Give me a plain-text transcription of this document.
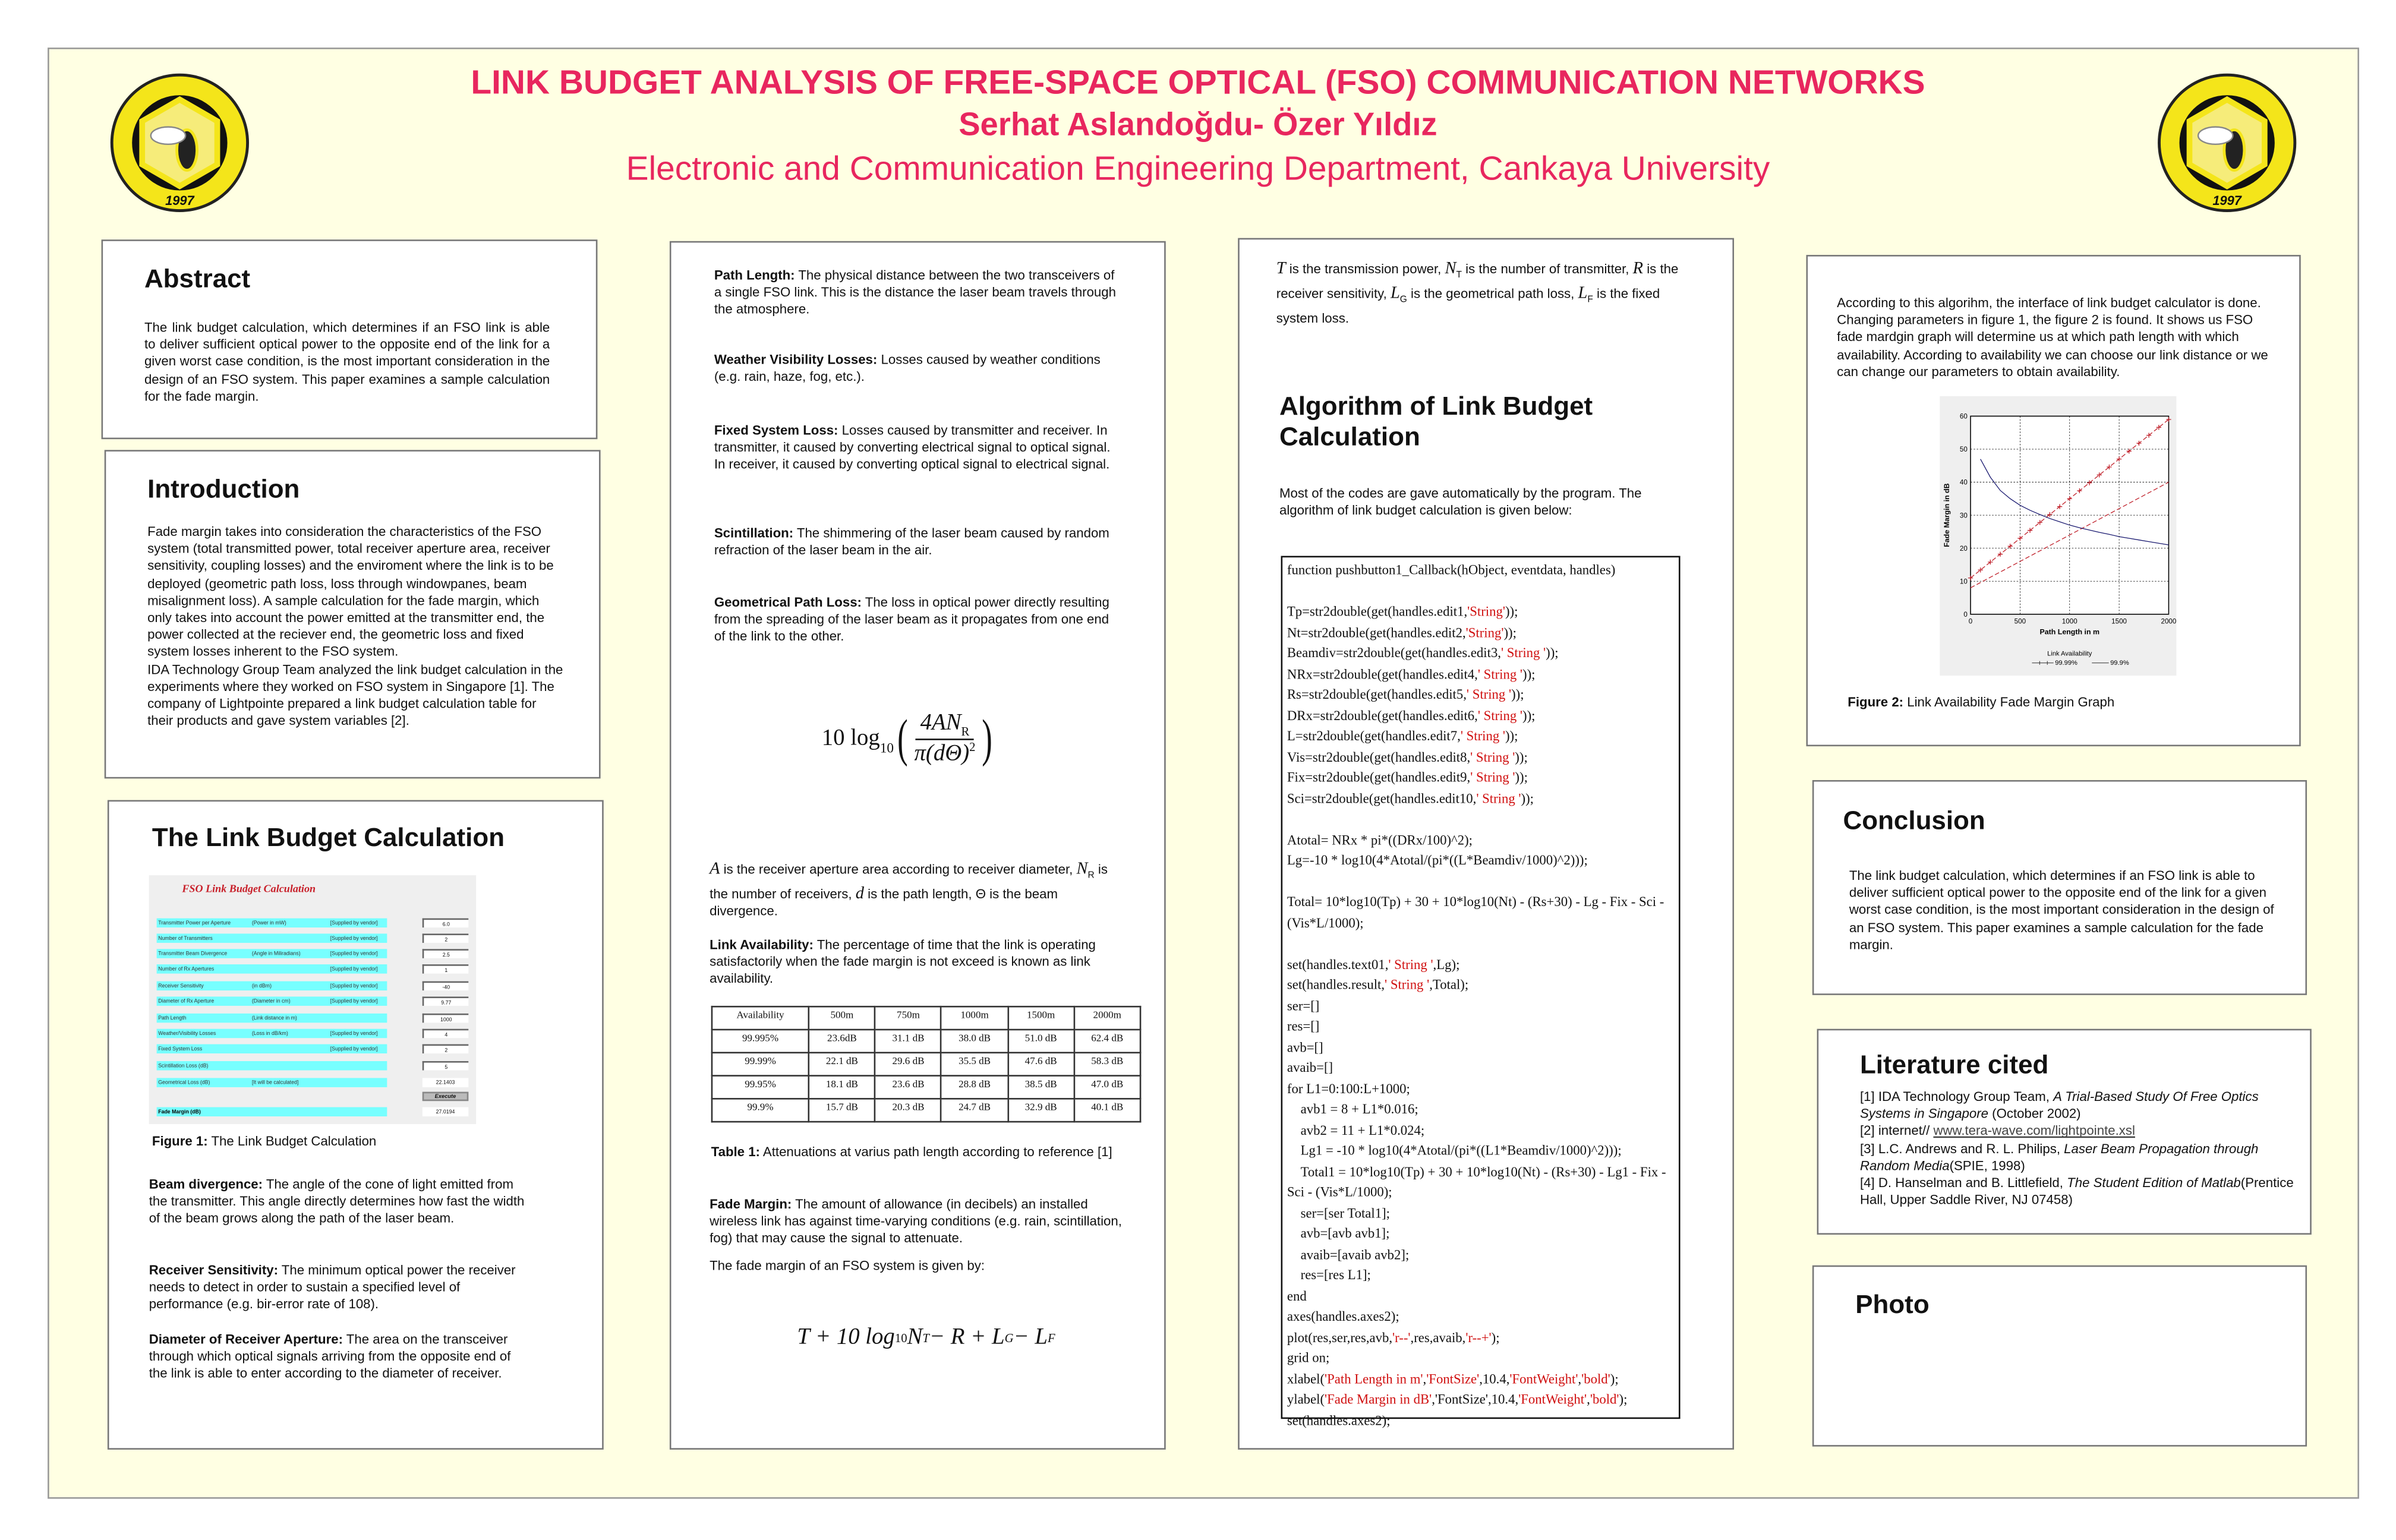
1997	1997
LINK BUDGET ANALYSIS OF FREE-SPACE OPTICAL (FSO) COMMUNICATION NETWORKS
Serhat Aslandoğdu- Özer Yıldız
Electronic and Communication Engineering Department, Cankaya University
Abstract
The link budget calculation, which determines if an FSO link is able to deliver sufficient optical power to the opposite end of the link for a given worst case condition, is the most important consideration in the design of an FSO system. This paper examines a sample calculation for the fade margin.
Introduction

Fade margin takes into consideration the characteristics of the FSO system (total transmitted power, total receiver aperture area, receiver sensitivity, coupling losses) and the enviroment where the link is to be deployed (geometric path loss, loss through windowpanes, beam misalignment loss). A sample calculation for the fade margin, which only takes into account the power emitted at the transmitter end, the power collected at the reciever end, the geometric loss and fixed system losses inherent to the FSO system.

IDA Technology Group Team analyzed the link budget calculation in the experiments where they worked on FSO system in Singapore [1]. The company of Lightpointe prepared a link budget calculation table for their products and gave system variables [2].

The Link Budget Calculation
FSO Link Budget Calculation
Transmitter Power per Aperture	(Power in mW)	[Supplied by vendor]	6.0
Number of Transmitters	[Supplied by vendor]	2
Transmitter Beam Divergence	(Angle in Miliradians)	[Supplied by vendor]	2.5
Number of Rx Apertures	[Supplied by vendor]	1
Receiver Sensitivity	(in dBm)	[Supplied by vendor]	-40
Diameter of Rx Aperture	(Diameter in cm)	[Supplied by vendor]	9.77
Path Length	(Link distance in m)	1000
Weather/Visibility Losses	(Loss in dB/km)	[Supplied by vendor]	4
Fixed System Loss	[Supplied by vendor]	2
Scintillation Loss (dB)	5
Geometrical Loss (dB)	[It will be calculated]	22.1403
Execute
Fade Margin (dB)	27.0194
Figure 1: The Link Budget Calculation
Beam divergence: The angle of the cone of light emitted from the transmitter. This angle directly determines how fast the width of the beam grows along the path of the laser beam.
Receiver Sensitivity: The minimum optical power the receiver needs to detect in order to sustain a specified level of performance (e.g. bir-error rate of 108).
Diameter of Receiver Aperture: The area on the transceiver through which optical signals arriving from the opposite end of the link is able to enter according to the diameter of receiver.
Path Length: The physical distance between the two transceivers of a single FSO link. This is the distance the laser beam travels through the atmosphere.
Weather Visibility Losses: Losses caused by weather conditions (e.g. rain, haze, fog, etc.).
Fixed System Loss: Losses caused by transmitter and receiver. In transmitter, it caused by converting electrical signal to optical signal. In receiver, it caused by converting optical signal to electrical signal.
Scintillation: The shimmering of the laser beam caused by random refraction of the laser beam in the air.
Geometrical Path Loss: The loss in optical power directly resulting from the spreading of the laser beam as it propagates from one end of the link to the other.
10 $\log_{10}$ ( $\frac{4AN_R}{\pi(d\Theta)^2}$ )
A is the receiver aperture area according to receiver diameter, $N_R$ is the number of receivers, d is the path length, Θ is the beam divergence.
Link Availability: The percentage of time that the link is operating satisfactorily when the fade margin is not exceed is known as link availability.
Availability	500m	750m	1000m	1500m	2000m
99.995%	23.6dB	31.1 dB	38.0 dB	51.0 dB	62.4 dB
99.99%	22.1 dB	29.6 dB	35.5 dB	47.6 dB	58.3 dB
99.95%	18.1 dB	23.6 dB	28.8 dB	38.5 dB	47.0 dB
99.9%	15.7 dB	20.3 dB	24.7 dB	32.9 dB	40.1 dB
Table 1: Attenuations at varius path length according to reference [1]
Fade Margin: The amount of allowance (in decibels) an installed wireless link has against time-varying conditions (e.g. rain, scintillation, fog) that may cause the signal to attenuate.
The fade margin of an FSO system is given by:
T + 10 log 10 N T − R + L G − L F
T is the transmission power, $N_T$ is the number of transmitter, R is the receiver sensitivity, $L_G$ is the geometrical path loss, $L_F$ is the fixed system loss.
Algorithm of Link Budget Calculation
Most of the codes are gave automatically by the program. The algorithm of link budget calculation is given below:
function pushbutton1_Callback(hObject, eventdata, handles)
Tp=str2double(get(handles.edit1,'String'));
Nt=str2double(get(handles.edit2,'String'));
Beamdiv=str2double(get(handles.edit3,' String '));
NRx=str2double(get(handles.edit4,' String '));
Rs=str2double(get(handles.edit5,' String '));
DRx=str2double(get(handles.edit6,' String '));
L=str2double(get(handles.edit7,' String '));
Vis=str2double(get(handles.edit8,' String '));
Fix=str2double(get(handles.edit9,' String '));
Sci=str2double(get(handles.edit10,' String '));
Atotal= NRx * pi*((DRx/100)^2);
Lg=-10 * log10(4*Atotal/(pi*((L*Beamdiv/1000)^2)));
Total= 10*log10(Tp) + 30 + 10*log10(Nt) - (Rs+30) - Lg - Fix - Sci - (Vis*L/1000);
set(handles.text01,' String ',Lg);
set(handles.result,' String ',Total);
ser=[]
res=[]
avb=[]
avaib=[]
for L1=0:100:L+1000;
avb1 = 8 + L1*0.016;
avb2 = 11 + L1*0.024;
Lg1 = -10 * log10(4*Atotal/(pi*((L1*Beamdiv/1000)^2)));
Total1 = 10*log10(Tp) + 30 + 10*log10(Nt) - (Rs+30) - Lg1 - Fix - Sci - (Vis*L/1000);
ser=[ser Total1];
avb=[avb avb1];
avaib=[avaib avb2];
res=[res L1];
end
axes(handles.axes2);
plot(res,ser,res,avb,'r--',res,avaib,'r--+');
grid on;
xlabel('Path Length in m','FontSize',10.4,'FontWeight','bold');
ylabel('Fade Margin in dB','FontSize',10.4,'FontWeight','bold');
set(handles.axes2);
According to this algorihm, the interface of link budget calculator is done. Changing parameters in figure 1, the figure 2 is found. It shows us FSO fade mardgin graph will determine us at which path length with which availability. According to availability we can choose our link distance or we can change our parameters to obtain availability.
0	500	1000	1500	2000
0
10
20
30
40
50
60
Path Length in m
Fade Margin in dB
Link Availability
99.99%	99.9%
Figure 2: Link Availability Fade Margin Graph
Conclusion
The link budget calculation, which determines if an FSO link is able to deliver sufficient optical power to the opposite end of the link for a given worst case condition, is the most important consideration in the design of an FSO system. This paper examines a sample calculation for the fade margin.
Literature cited
[1] IDA Technology Group Team, A Trial-Based Study Of Free Optics Systems in Singapore (October 2002)
[2] internet// www.tera-wave.com/lightpointe.xsl
[3] L.C. Andrews and R. L. Philips, Laser Beam Propagation through Random Media(SPIE, 1998)
[4] D. Hanselman and B. Littlefield, The Student Edition of Matlab(Prentice Hall, Upper Saddle River, NJ 07458)
Photo
